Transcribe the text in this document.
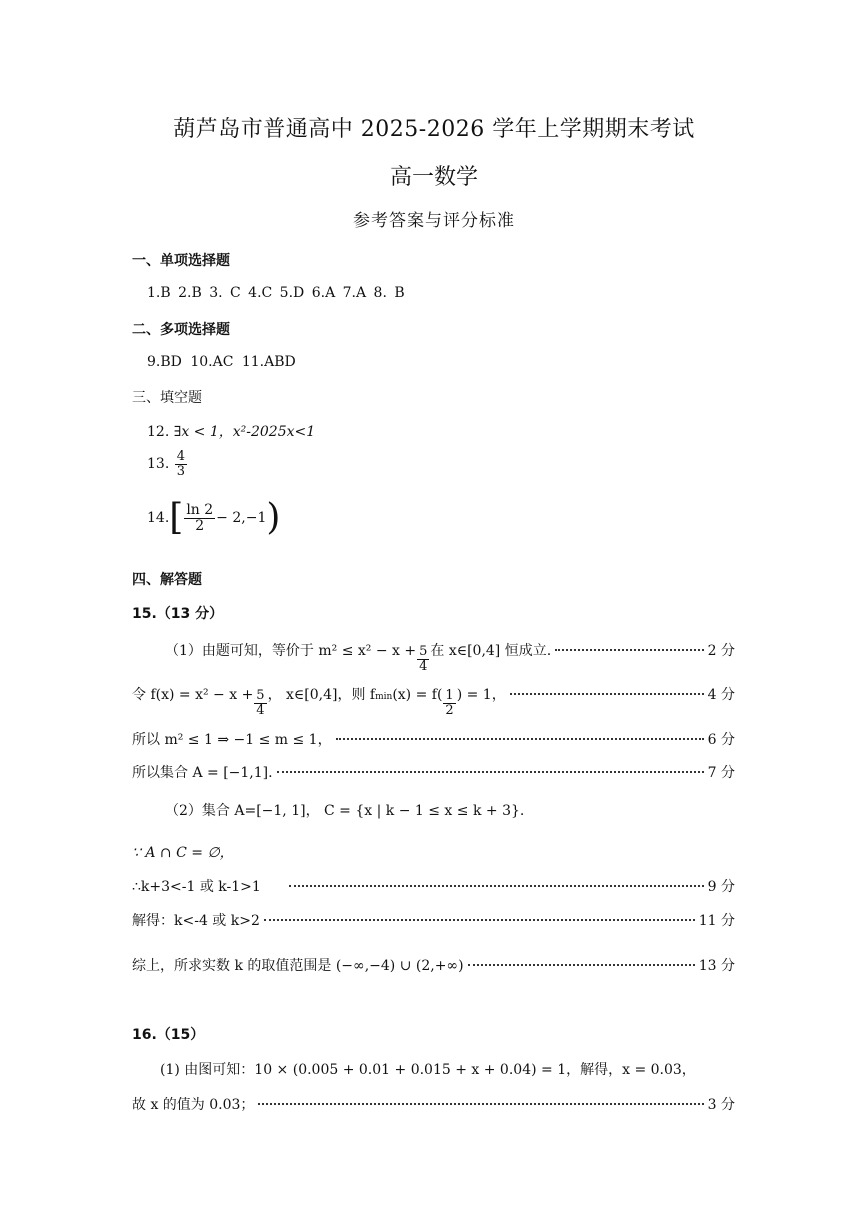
葫芦岛市普通高中 2025-2026 学年上学期期末考试
高一数学
参考答案与评分标准
一、单项选择题
1.B 2.B 3. C 4.C 5.D 6.A 7.A 8. B
二、多项选择题
9.BD 10.AC 11.ABD
三、填空题
12. ∃x < 1，x²-2025x<1
13. $\frac{4}{3}$
$14.[ \frac{\ln 2}{2} - 2,-1)$
四、解答题
15.（13 分）
（1）由题可知，等价于 $m^2 \le x^2 - x + \frac{5}{4}$ 在 x∈[0,4] 恒成立.	2 分
令 $f(x) = x^2 - x + \frac{5}{4}$ ， x∈[0,4]，则 $f_{min}$ $(x) = f( \frac{1}{2}$ ) = 1，	4 分
所以 m² ≤ 1 ⇒ −1 ≤ m ≤ 1，	6 分
所以集合 A = [−1,1].	7 分
（2）集合 A=[−1, 1]， C = {x | k − 1 ≤ x ≤ k + 3}.
∵ A ∩ C = ∅，
∴k+3<-1 或 k-1>1	9 分
解得：k<-4 或 k>2	11 分
综上，所求实数 k 的取值范围是 (−∞,−4) ∪ (2,+∞)	13 分
16.（15）
(1) 由图可知：10 × (0.005 + 0.01 + 0.015 + x + 0.04) = 1，解得，x = 0.03，
故 x 的值为 0.03；	3 分
